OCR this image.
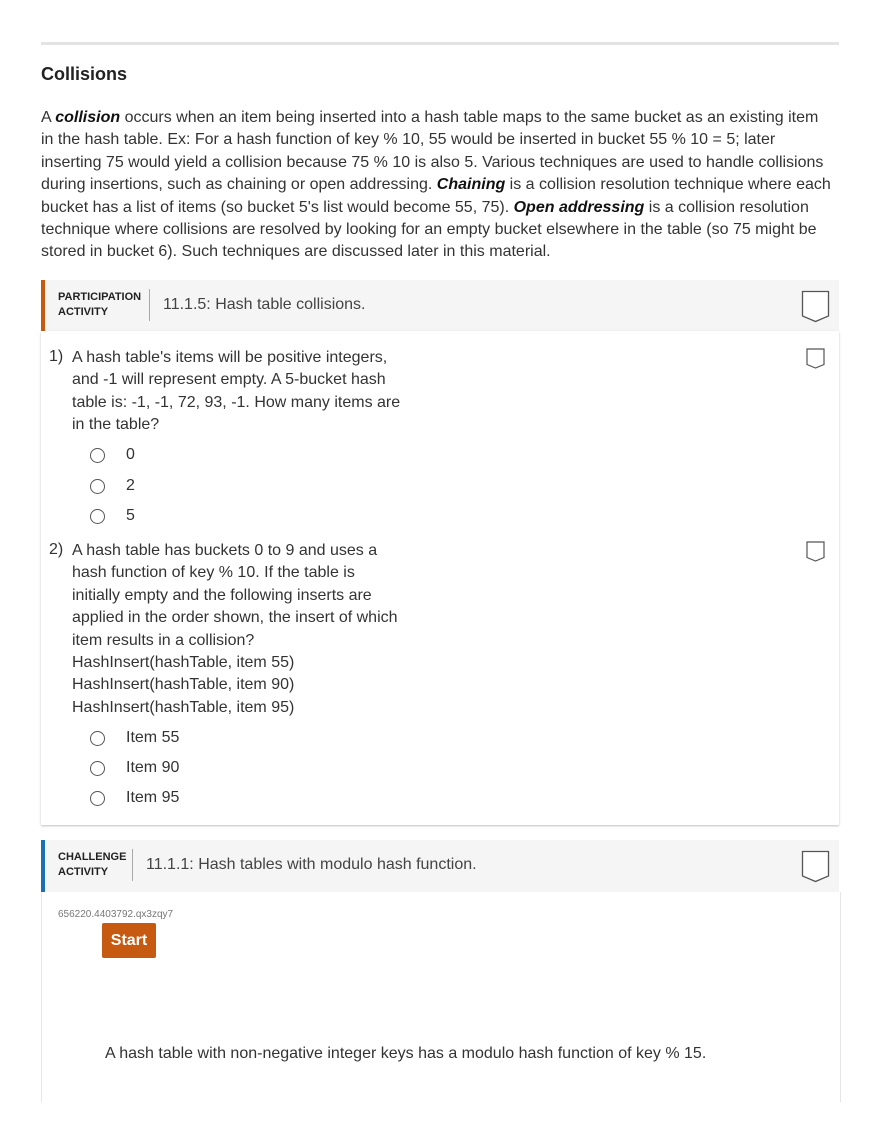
Collisions

A collision occurs when an item being inserted into a hash table maps to the same bucket as an existing item in the hash table. Ex: For a hash function of key % 10, 55 would be inserted in bucket 55 % 10 = 5; later inserting 75 would yield a collision because 75 % 10 is also 5. Various techniques are used to handle collisions during insertions, such as chaining or open addressing. Chaining is a collision resolution technique where each bucket has a list of items (so bucket 5's list would become 55, 75). Open addressing is a collision resolution technique where collisions are resolved by looking for an empty bucket elsewhere in the table (so 75 might be stored in bucket 6). Such techniques are discussed later in this material.

PARTICIPATION
ACTIVITY	11.1.5: Hash table collisions.
1) A hash table's items will be positive integers,
and -1 will represent empty. A 5-bucket hash
table is: -1, -1, 72, 93, -1. How many items are
in the table?
0
2
5
2) A hash table has buckets 0 to 9 and uses a
hash function of key % 10. If the table is
initially empty and the following inserts are
applied in the order shown, the insert of which
item results in a collision?
HashInsert(hashTable, item 55)
HashInsert(hashTable, item 90)
HashInsert(hashTable, item 95)
Item 55
Item 90
Item 95
CHALLENGE
ACTIVITY	11.1.1: Hash tables with modulo hash function.
656220.4403792.qx3zqy7
Start

A hash table with non-negative integer keys has a modulo hash function of key % 15.
